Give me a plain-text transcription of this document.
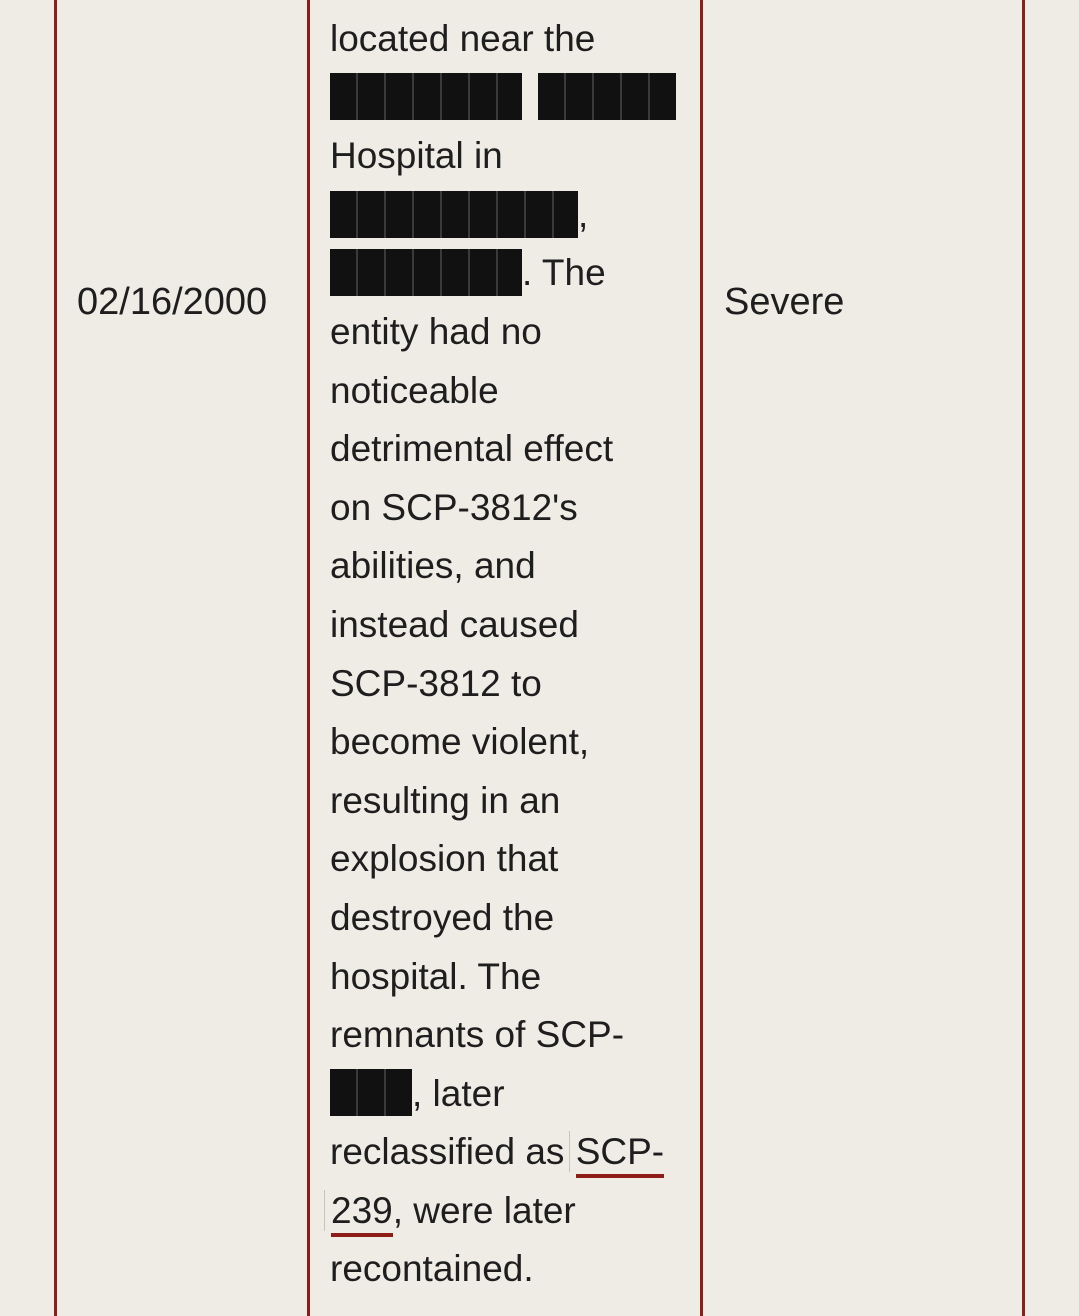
02/16/2000
located near the

Hospital in
,
. The
entity had no
noticeable
detrimental effect
on SCP-3812's
abilities, and
instead caused
SCP-3812 to
become violent,
resulting in an
explosion that
destroyed the
hospital. The
remnants of SCP-
, later
reclassified as SCP-
239, were later
recontained.
Severe
